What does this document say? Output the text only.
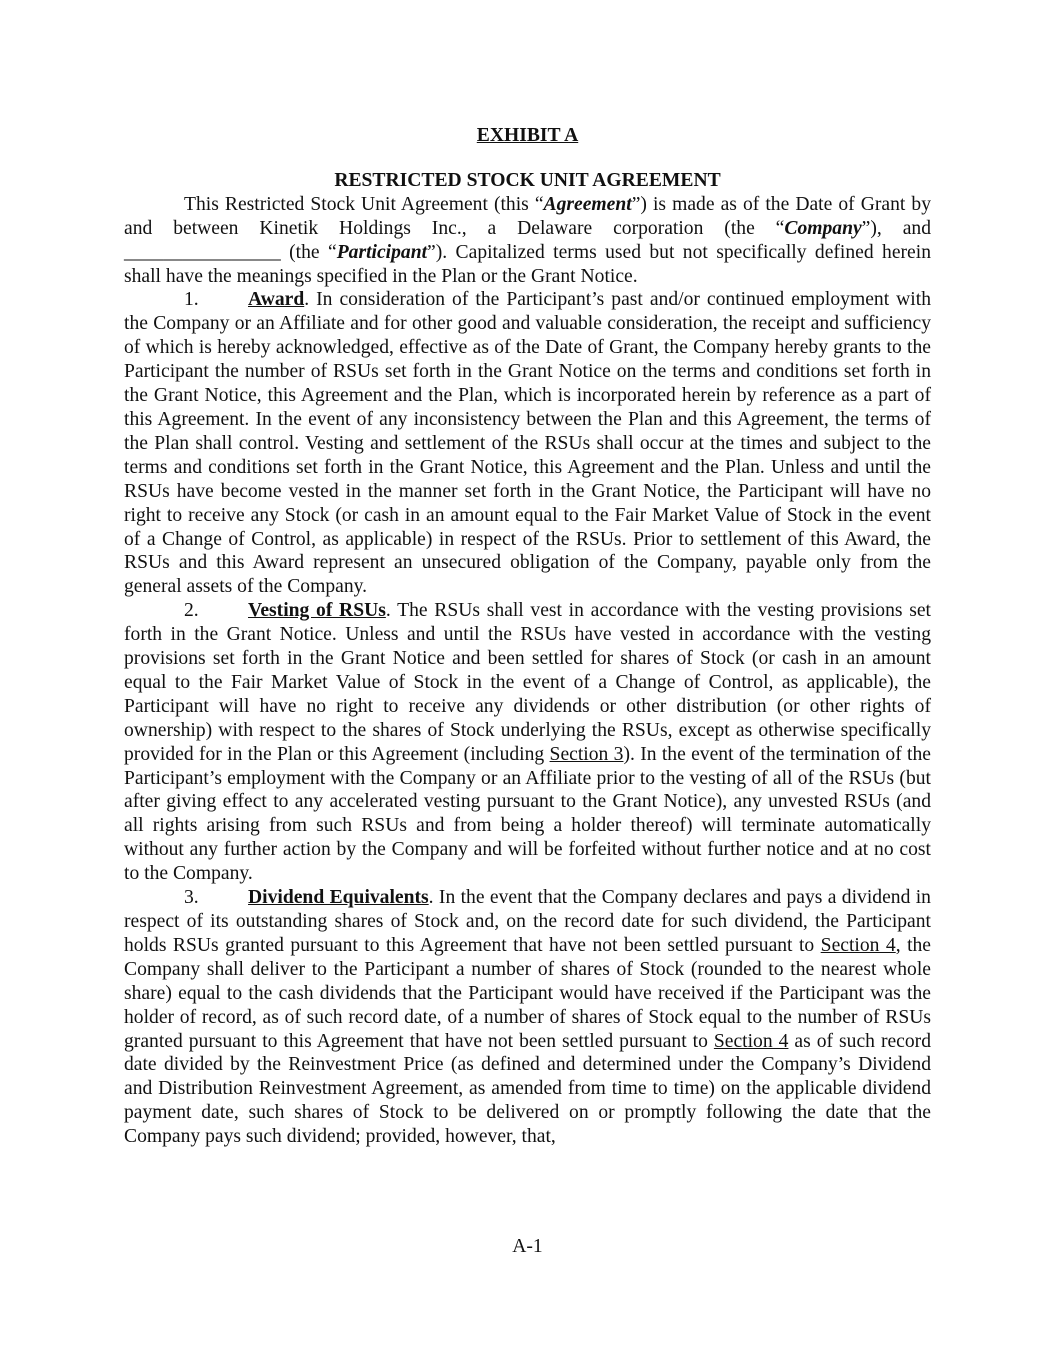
EXHIBIT A
RESTRICTED STOCK UNIT AGREEMENT

This Restricted Stock Unit Agreement (this “Agreement”) is made as of the Date of Grant by and between Kinetik Holdings Inc., a Delaware corporation (the “Company”), and ________________ (the “Participant”). Capitalized terms used but not specifically defined herein shall have the meanings specified in the Plan or the Grant Notice.

1.	Award. In consideration of the Participant’s past and/or continued employment with the Company or an Affiliate and for other good and valuable consideration, the receipt and sufficiency of which is hereby acknowledged, effective as of the Date of Grant, the Company hereby grants to the Participant the number of RSUs set forth in the Grant Notice on the terms and conditions set forth in the Grant Notice, this Agreement and the Plan, which is incorporated herein by reference as a part of this Agreement. In the event of any inconsistency between the Plan and this Agreement, the terms of the Plan shall control. Vesting and settlement of the RSUs shall occur at the times and subject to the terms and conditions set forth in the Grant Notice, this Agreement and the Plan. Unless and until the RSUs have become vested in the manner set forth in the Grant Notice, the Participant will have no right to receive any Stock (or cash in an amount equal to the Fair Market Value of Stock in the event of a Change of Control, as applicable) in respect of the RSUs. Prior to settlement of this Award, the RSUs and this Award represent an unsecured obligation of the Company, payable only from the general assets of the Company.

2.	Vesting of RSUs. The RSUs shall vest in accordance with the vesting provisions set forth in the Grant Notice. Unless and until the RSUs have vested in accordance with the vesting provisions set forth in the Grant Notice and been settled for shares of Stock (or cash in an amount equal to the Fair Market Value of Stock in the event of a Change of Control, as applicable), the Participant will have no right to receive any dividends or other distribution (or other rights of ownership) with respect to the shares of Stock underlying the RSUs, except as otherwise specifically provided for in the Plan or this Agreement (including Section 3). In the event of the termination of the Participant’s employment with the Company or an Affiliate prior to the vesting of all of the RSUs (but after giving effect to any accelerated vesting pursuant to the Grant Notice), any unvested RSUs (and all rights arising from such RSUs and from being a holder thereof) will terminate automatically without any further action by the Company and will be forfeited without further notice and at no cost to the Company.

3.	Dividend Equivalents. In the event that the Company declares and pays a dividend in respect of its outstanding shares of Stock and, on the record date for such dividend, the Participant holds RSUs granted pursuant to this Agreement that have not been settled pursuant to Section 4, the Company shall deliver to the Participant a number of shares of Stock (rounded to the nearest whole share) equal to the cash dividends that the Participant would have received if the Participant was the holder of record, as of such record date, of a number of shares of Stock equal to the number of RSUs granted pursuant to this Agreement that have not been settled pursuant to Section 4 as of such record date divided by the Reinvestment Price (as defined and determined under the Company’s Dividend and Distribution Reinvestment Agreement, as amended from time to time) on the applicable dividend payment date, such shares of Stock to be delivered on or promptly following the date that the Company pays such dividend; provided, however, that,

A-1
